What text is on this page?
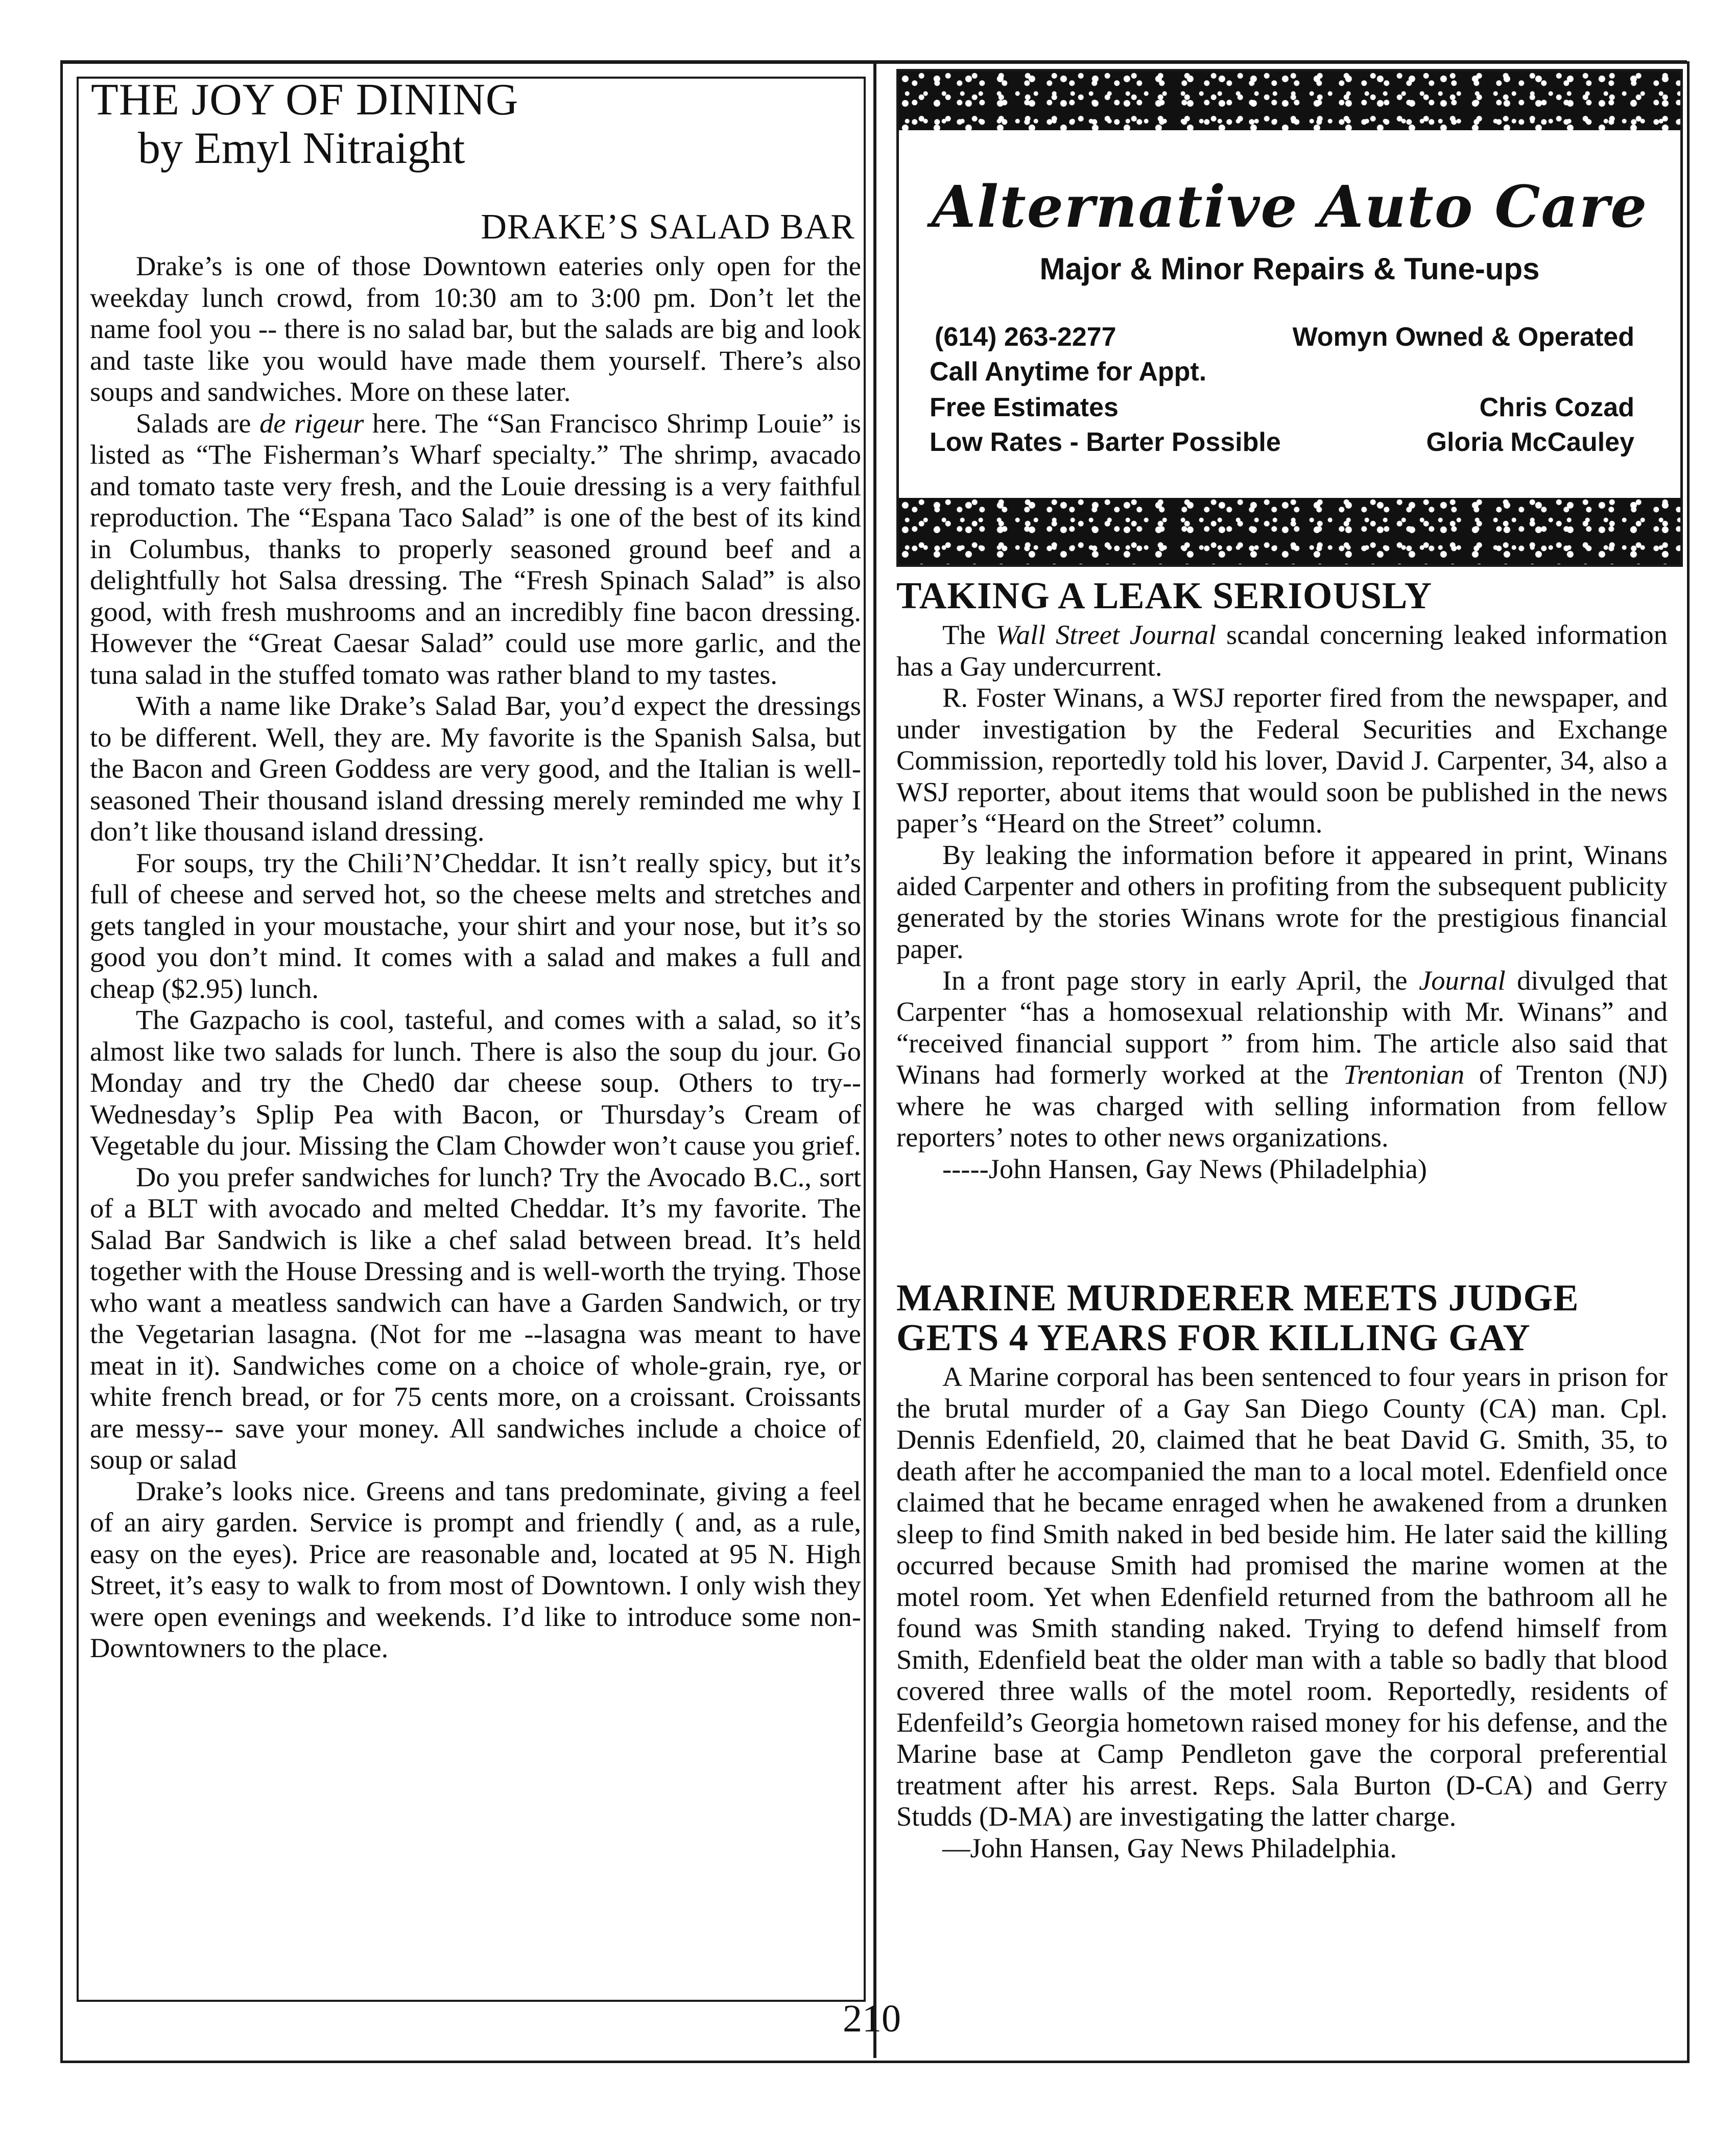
THE JOY OF DINING
by Emyl Nitraight
DRAKE’S SALAD BAR

Drake’s is one of those Downtown eateries only open for the weekday lunch crowd, from 10:30 am to 3:00 pm. Don’t let the name fool you -- there is no salad bar, but the salads are big and look and taste like you would have made them yourself. There’s also soups and sandwiches. More on these later.

Salads are de rigeur here. The “San Francisco Shrimp Louie” is listed as “The Fisherman’s Wharf specialty.” The shrimp, avacado and tomato taste very fresh, and the Louie dressing is a very faithful reproduction. The “Espana Taco Salad” is one of the best of its kind in Columbus, thanks to properly seasoned ground beef and a delightfully hot Salsa dressing. The “Fresh Spinach Salad” is also good, with fresh mushrooms and an incredibly fine bacon dressing. However the “Great Caesar Salad” could use more garlic, and the tuna salad in the stuffed tomato was rather bland to my tastes.

With a name like Drake’s Salad Bar, you’d expect the dressings to be different. Well, they are. My favorite is the Spanish Salsa, but the Bacon and Green Goddess are very good, and the Italian is well-seasoned Their thousand island dressing merely reminded me why I don’t like thousand island dressing.

For soups, try the Chili’N’Cheddar. It isn’t really spicy, but it’s full of cheese and served hot, so the cheese melts and stretches and gets tangled in your moustache, your shirt and your nose, but it’s so good you don’t mind. It comes with a salad and makes a full and cheap ($2.95) lunch.

The Gazpacho is cool, tasteful, and comes with a salad, so it’s almost like two salads for lunch. There is also the soup du jour. Go Monday and try the Ched0 dar cheese soup. Others to try-- Wednesday’s Splip Pea with Bacon, or Thursday’s Cream of Vegetable du jour. Missing the Clam Chowder won’t cause you grief.

Do you prefer sandwiches for lunch? Try the Avocado B.C., sort of a BLT with avocado and melted Cheddar. It’s my favorite. The Salad Bar Sandwich is like a chef salad between bread. It’s held together with the House Dressing and is well-worth the trying. Those who want a meatless sandwich can have a Garden Sandwich, or try the Vegetarian lasagna. (Not for me --lasagna was meant to have meat in it). Sandwiches come on a choice of whole-grain, rye, or white french bread, or for 75 cents more, on a croissant. Croissants are messy-- save your money. All sandwiches include a choice of soup or salad

Drake’s looks nice. Greens and tans predominate, giving a feel of an airy garden. Service is prompt and friendly ( and, as a rule, easy on the eyes). Price are reasonable and, located at 95 N. High Street, it’s easy to walk to from most of Downtown. I only wish they were open evenings and weekends. I’d like to introduce some non-Downtowners to the place.

Alternative Auto Care
Major & Minor Repairs & Tune-ups
(614) 263-2277	Womyn Owned & Operated
Call Anytime for Appt.
Free Estimates	Chris Cozad
Low Rates - Barter Possible	Gloria McCauley
TAKING A LEAK SERIOUSLY

The Wall Street Journal scandal concerning leaked information has a Gay undercurrent.

R. Foster Winans, a WSJ reporter fired from the newspaper, and under investigation by the Federal Securities and Exchange Commission, reportedly told his lover, David J. Carpenter, 34, also a WSJ reporter, about items that would soon be published in the news paper’s “Heard on the Street” column.

By leaking the information before it appeared in print, Winans aided Carpenter and others in profiting from the subsequent publicity generated by the stories Winans wrote for the prestigious financial paper.

In a front page story in early April, the Journal divulged that Carpenter “has a homosexual relationship with Mr. Winans” and “received financial support ” from him. The article also said that Winans had formerly worked at the Trentonian of Trenton (NJ) where he was charged with selling information from fellow reporters’ notes to other news organizations.

-----John Hansen, Gay News (Philadelphia)

MARINE MURDERER MEETS JUDGE
GETS 4 YEARS FOR KILLING GAY

A Marine corporal has been sentenced to four years in prison for the brutal murder of a Gay San Diego County (CA) man. Cpl. Dennis Edenfield, 20, claimed that he beat David G. Smith, 35, to death after he accompanied the man to a local motel. Edenfield once claimed that he became enraged when he awakened from a drunken sleep to find Smith naked in bed beside him. He later said the killing occurred because Smith had promised the marine women at the motel room. Yet when Edenfield returned from the bathroom all he found was Smith standing naked. Trying to defend himself from Smith, Edenfield beat the older man with a table so badly that blood covered three walls of the motel room. Reportedly, residents of Edenfeild’s Georgia hometown raised money for his defense, and the Marine base at Camp Pendleton gave the corporal preferential treatment after his arrest. Reps. Sala Burton (D-CA) and Gerry Studds (D-MA) are investigating the latter charge.

—John Hansen, Gay News Philadelphia.

210
